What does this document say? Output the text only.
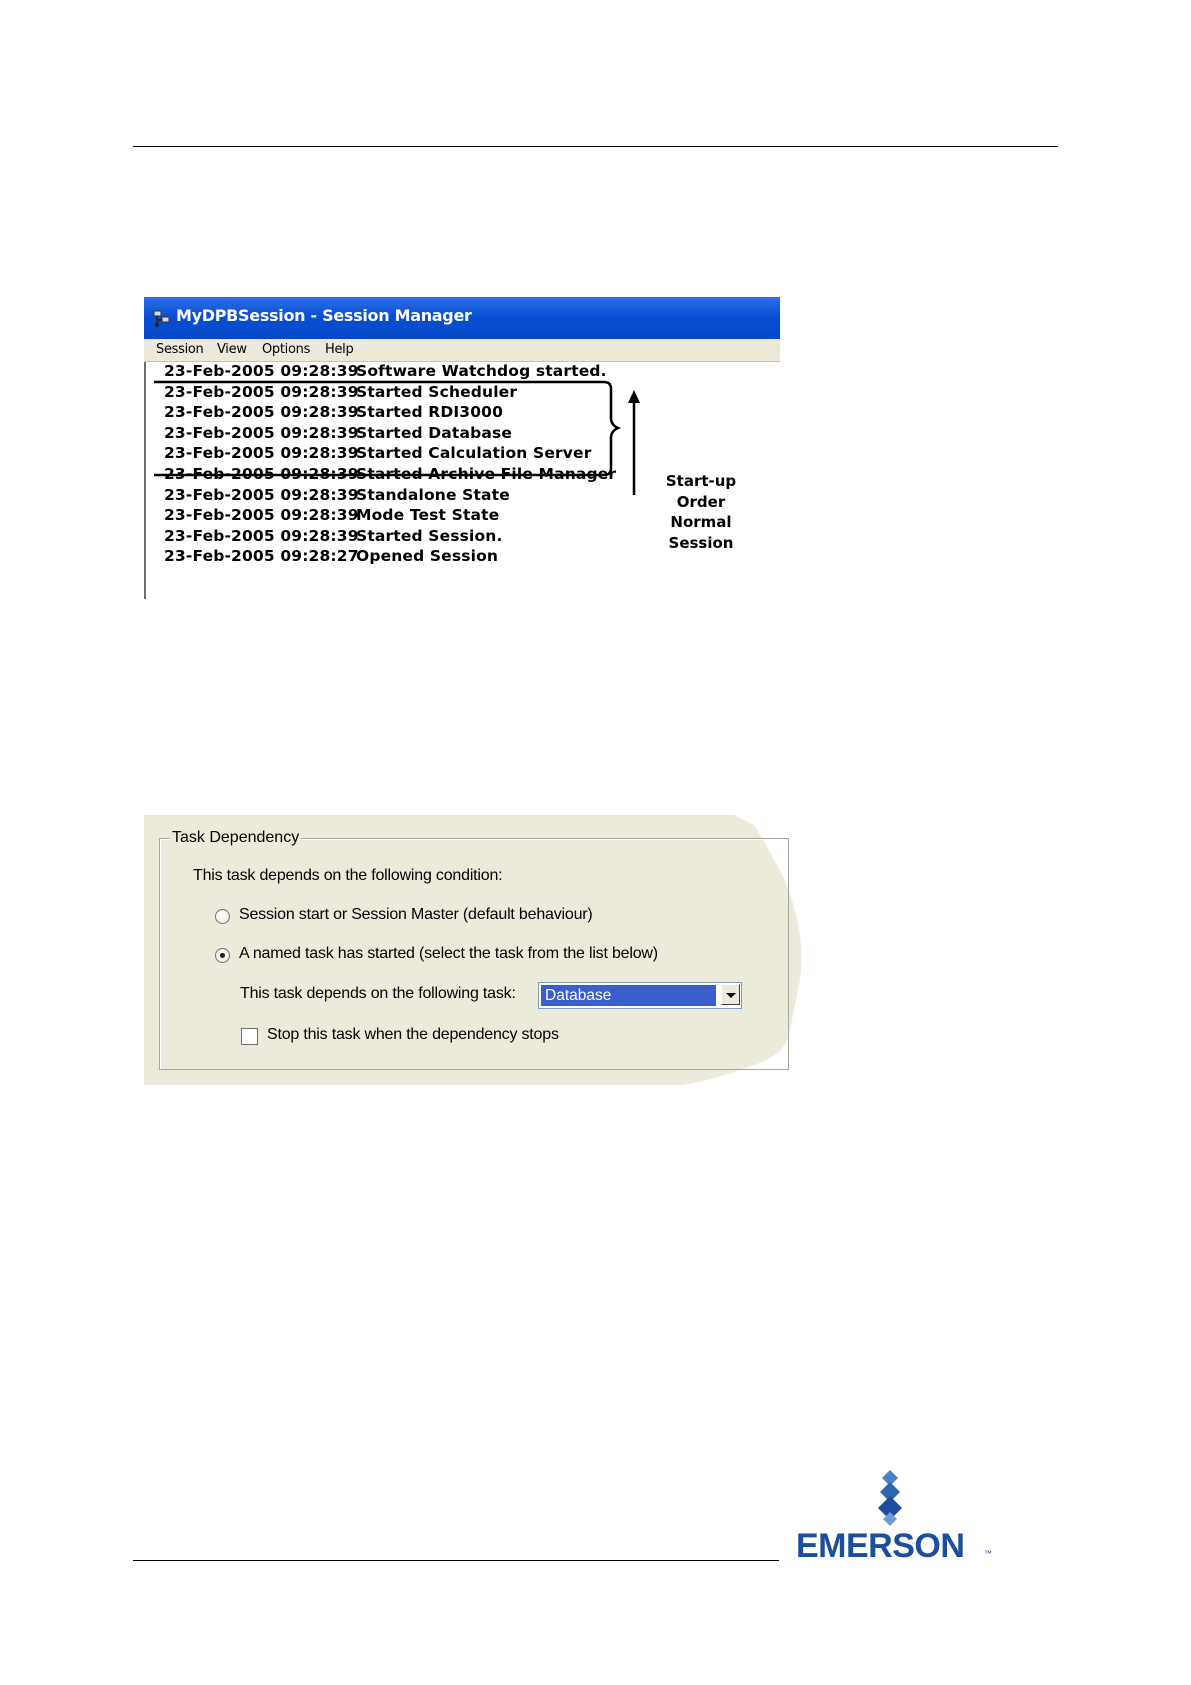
MyDPBSession - Session Manager
Session View Options Help
23-Feb-2005 09:28:39Software Watchdog started.
23-Feb-2005 09:28:39Started Scheduler
23-Feb-2005 09:28:39Started RDI3000
23-Feb-2005 09:28:39Started Database
23-Feb-2005 09:28:39Started Calculation Server
23-Feb-2005 09:28:39Started Archive File Manager
23-Feb-2005 09:28:39Standalone State
23-Feb-2005 09:28:39Mode Test State
23-Feb-2005 09:28:39Started Session.
23-Feb-2005 09:28:27Opened Session
Start-up
Order
Normal
Session
Task Dependency
This task depends on the following condition:
Session start or Session Master (default behaviour)
A named task has started (select the task from the list below)
This task depends on the following task: Database
Stop this task when the dependency stops
EMERSON ™
